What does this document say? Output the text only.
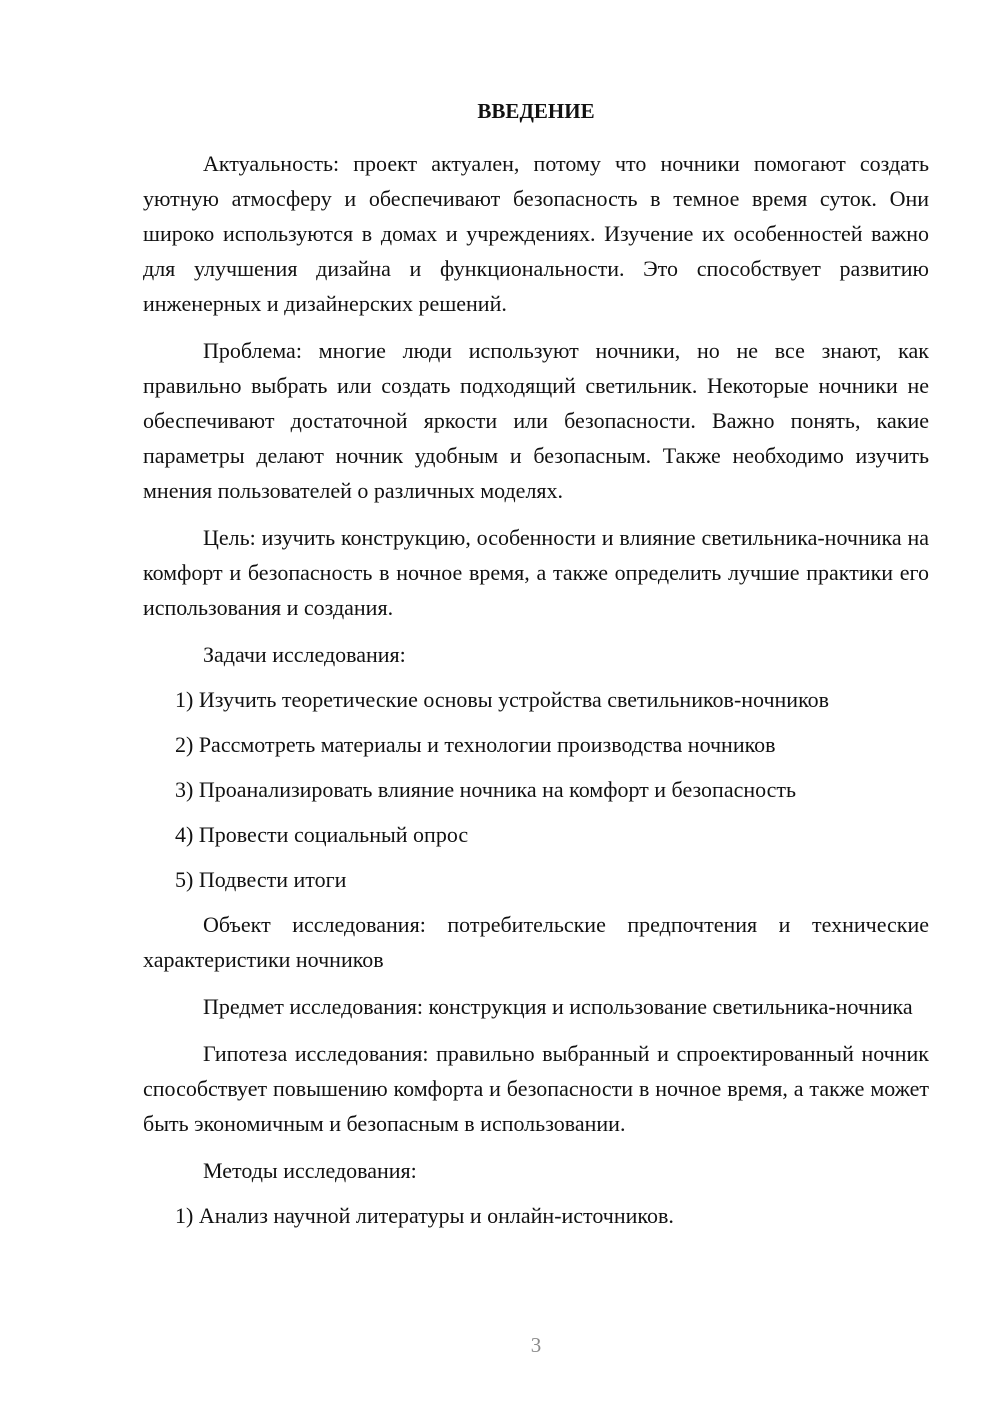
ВВЕДЕНИЕ

Актуальность: проект актуален, потому что ночники помогают создать уютную атмосферу и обеспечивают безопасность в темное время суток. Они широко используются в домах и учреждениях. Изучение их особенностей важно для улучшения дизайна и функциональности. Это способствует развитию инженерных и дизайнерских решений.

Проблема: многие люди используют ночники, но не все знают, как правильно выбрать или создать подходящий светильник. Некоторые ночники не обеспечивают достаточной яркости или безопасности. Важно понять, какие параметры делают ночник удобным и безопасным. Также необходимо изучить мнения пользователей о различных моделях.

Цель: изучить конструкцию, особенности и влияние светильника-ночника на комфорт и безопасность в ночное время, а также определить лучшие практики его использования и создания.

Задачи исследования:

1) Изучить теоретические основы устройства светильников-ночников
2) Рассмотреть материалы и технологии производства ночников
3) Проанализировать влияние ночника на комфорт и безопасность
4) Провести социальный опрос
5) Подвести итоги

Объект исследования: потребительские предпочтения и технические характеристики ночников

Предмет исследования: конструкция и использование светильника-ночника

Гипотеза исследования: правильно выбранный и спроектированный ночник способствует повышению комфорта и безопасности в ночное время, а также может быть экономичным и безопасным в использовании.

Методы исследования:

1) Анализ научной литературы и онлайн-источников.
3
